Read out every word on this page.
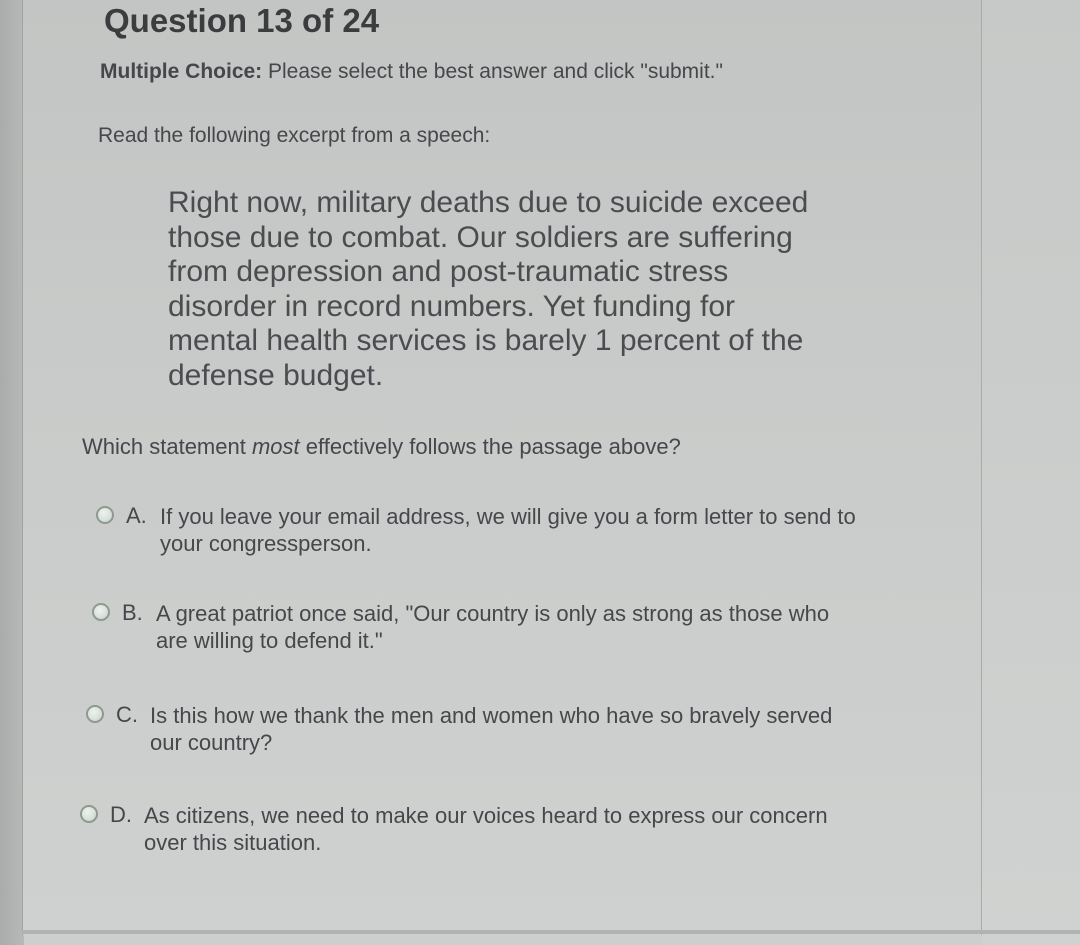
Question 13 of 24
Multiple Choice: Please select the best answer and click "submit."
Read the following excerpt from a speech:
Right now, military deaths due to suicide exceed
those due to combat. Our soldiers are suffering
from depression and post-traumatic stress
disorder in record numbers. Yet funding for
mental health services is barely 1 percent of the
defense budget.
Which statement most effectively follows the passage above?
A. If you leave your email address, we will give you a form letter to send to
your congressperson.
B. A great patriot once said, "Our country is only as strong as those who
are willing to defend it."
C. Is this how we thank the men and women who have so bravely served
our country?
D. As citizens, we need to make our voices heard to express our concern
over this situation.
